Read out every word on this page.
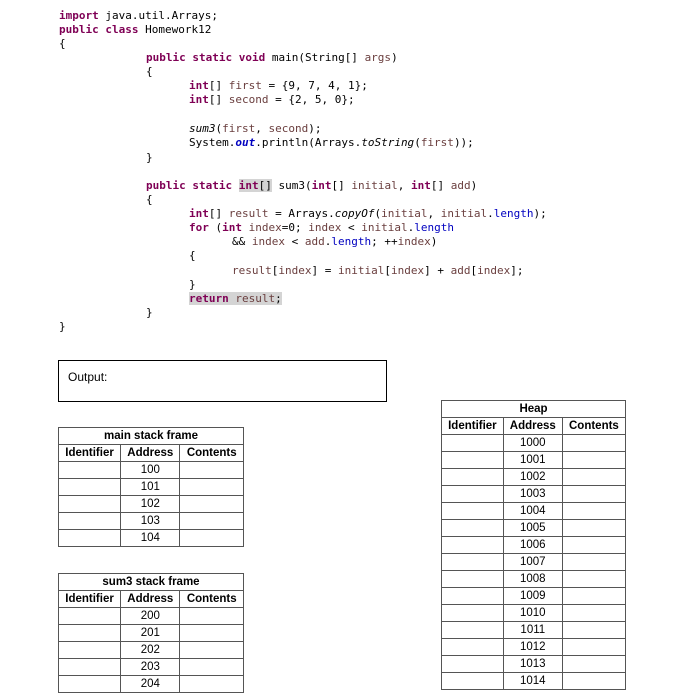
import java.util.Arrays;

public class Homework12

{

public static void main(String[] args)

{

int[] first = {9, 7, 4, 1};

int[] second = {2, 5, 0};

sum3(first, second);

System.out.println(Arrays.toString(first));

}

public static int[] sum3(int[] initial, int[] add)

{

int[] result = Arrays.copyOf(initial, initial.length);

for (int index=0; index < initial.length

&& index < add.length; ++index)

{

result[index] = initial[index] + add[index];

}

return result;

}

}

Output:
main stack frame		
Identifier	Address	Contents
	100	
	101	
	102	
	103	
	104	
sum3 stack frame		
Identifier	Address	Contents
	200	
	201	
	202	
	203	
	204	
Heap		
Identifier	Address	Contents
	1000	
	1001	
	1002	
	1003	
	1004	
	1005	
	1006	
	1007	
	1008	
	1009	
	1010	
	1011	
	1012	
	1013	
	1014	
